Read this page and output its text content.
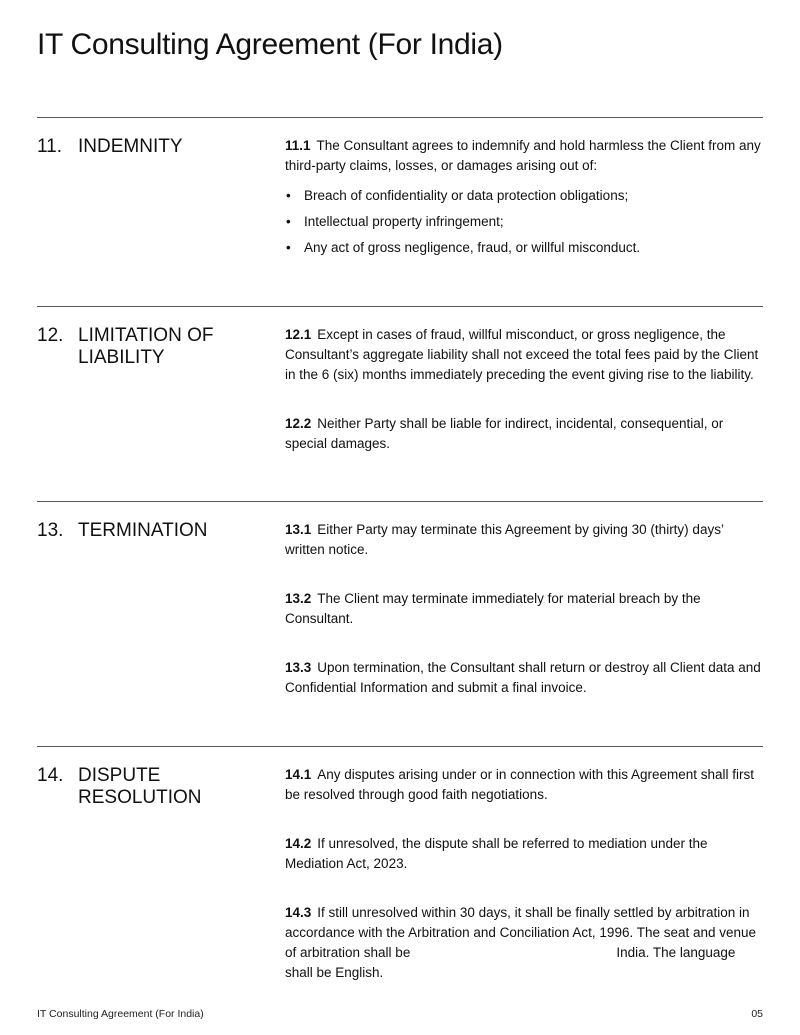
IT Consulting Agreement (For India)
11. INDEMNITY	11.1 The Consultant agrees to indemnify and hold harmless the Client from any third-party claims, losses, or damages arising out of:
• Breach of confidentiality or data protection obligations;
• Intellectual property infringement;
• Any act of gross negligence, fraud, or willful misconduct.
12. LIMITATION OF LIABILITY
12.1 Except in cases of fraud, willful misconduct, or gross negligence, the Consultant’s aggregate liability shall not exceed the total fees paid by the Client in the 6 (six) months immediately preceding the event giving rise to the liability.
12.2 Neither Party shall be liable for indirect, incidental, consequential, or special damages.
13. TERMINATION	13.1 Either Party may terminate this Agreement by giving 30 (thirty) days’ written notice.
13.2 The Client may terminate immediately for material breach by the Consultant.
13.3 Upon termination, the Consultant shall return or destroy all Client data and Confidential Information and submit a final invoice.
14. DISPUTE RESOLUTION
14.1 Any disputes arising under or in connection with this Agreement shall first be resolved through good faith negotiations.
14.2 If unresolved, the dispute shall be referred to mediation under the Mediation Act, 2023.
14.3 If still unresolved within 30 days, it shall be finally settled by arbitration in accordance with the Arbitration and Conciliation Act, 1996. The seat and venue of arbitration shall be	India. The language shall be English.
IT Consulting Agreement (For India)	05
